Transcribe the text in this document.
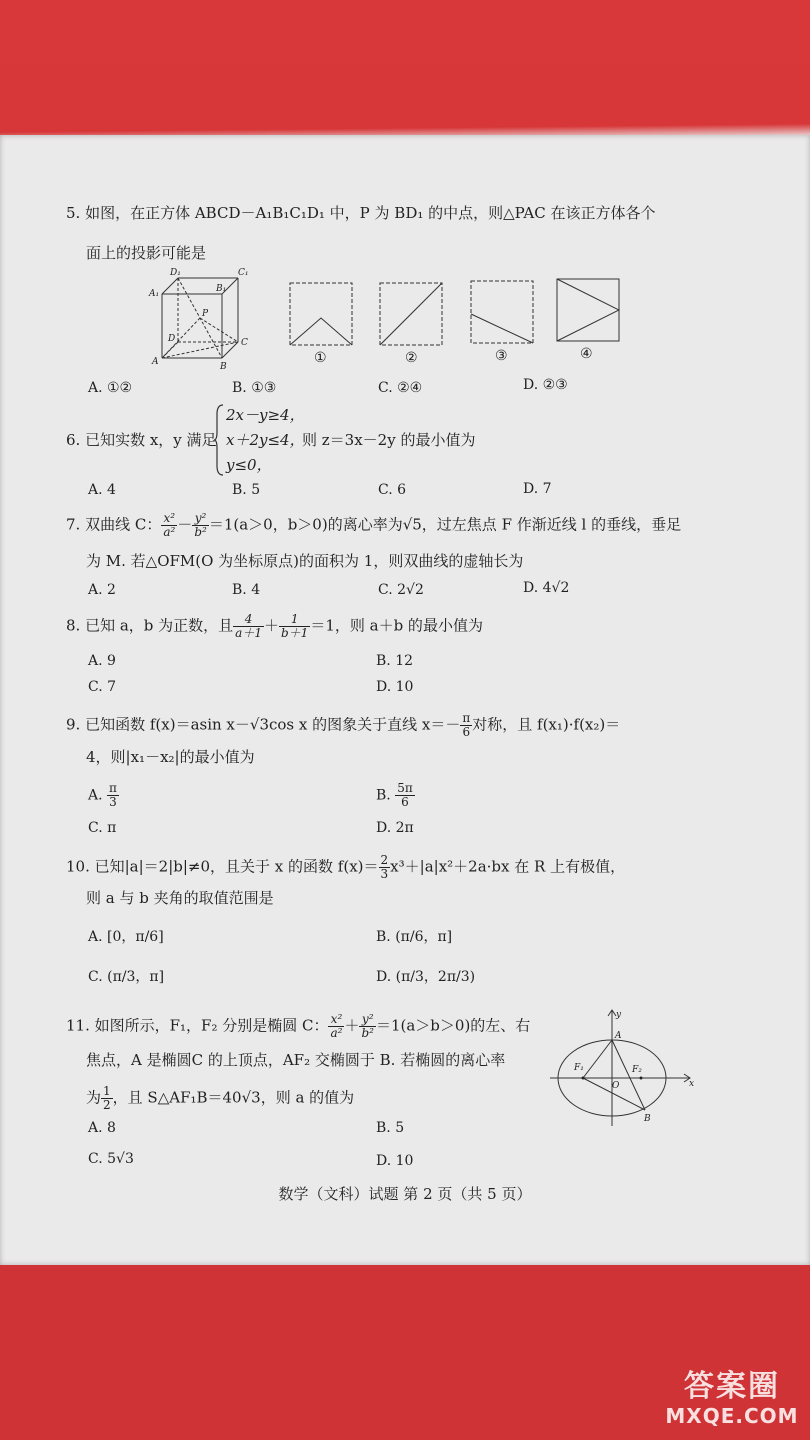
5. 如图，在正方体 ABCD－A₁B₁C₁D₁ 中，P 为 BD₁ 的中点，则△PAC 在该正方体各个
面上的投影可能是
D₁	C₁
A₁	B₁
P
D	C
A	B
①	②	③	④
A. ①②	B. ①③	C. ②④	D. ②③
6. 已知实数 x，y 满足
2x－y≥4，
x＋2y≤4，
y≤0，
则 z＝3x－2y 的最小值为
A. 4	B. 5	C. 6	D. 7
7. 双曲线 C： $\frac{\text{x²}}{\text{a²}} - \frac{\text{y²}}{\text{b²}} =1(a>0$，b＞0)的离心率为√5，过左焦点 F 作渐近线 l 的垂线，垂足
为 M. 若△OFM(O 为坐标原点)的面积为 1，则双曲线的虚轴长为
A. 2	B. 4	C. 2√2	D. 4√2
8. 已知 a，b 为正数，且 $\frac{4}{a+1} + \frac{1}{b+1} =1$，则 a＋b 的最小值为
A. 9	B. 12
C. 7	D. 10
9. 已知函数 f(x)＝asin x－√3cos x 的图象关于直线 $x=- \frac{\pi}{6}$ 对称，且 f(x₁)·f(x₂)＝
4，则|x₁－x₂|的最小值为
A. $\frac{\pi}{3}$	B. $\frac{5\pi}{6}$
C. π	D. 2π
10. 已知|a|＝2|b|≠0，且关于 x 的函数 $f(x)= \frac{2}{3} x^3+|a|x^2+2a\cdot bx$ 在 R 上有极值，
则 a 与 b 夹角的取值范围是
A. [0，π/6]	B. (π/6，π]
C. (π/3，π]	D. (π/3，2π/3)
11. 如图所示，F₁，F₂ 分别是椭圆 C： $\frac{\text{x²}}{\text{a²}} + \frac{\text{y²}}{\text{b²}} =1(a>b>0)$的左、右
焦点，A 是椭圆C 的上顶点，AF₂ 交椭圆于 B. 若椭圆的离心率
为 $\frac{1}{2}$ ，且 S△AF₁B＝40√3，则 a 的值为
y
A
F₁	F₂
O	x
B
A. 8	B. 5
C. 5√3	D. 10
数学（文科）试题 第 2 页（共 5 页）
答案圈
MXQE.COM
